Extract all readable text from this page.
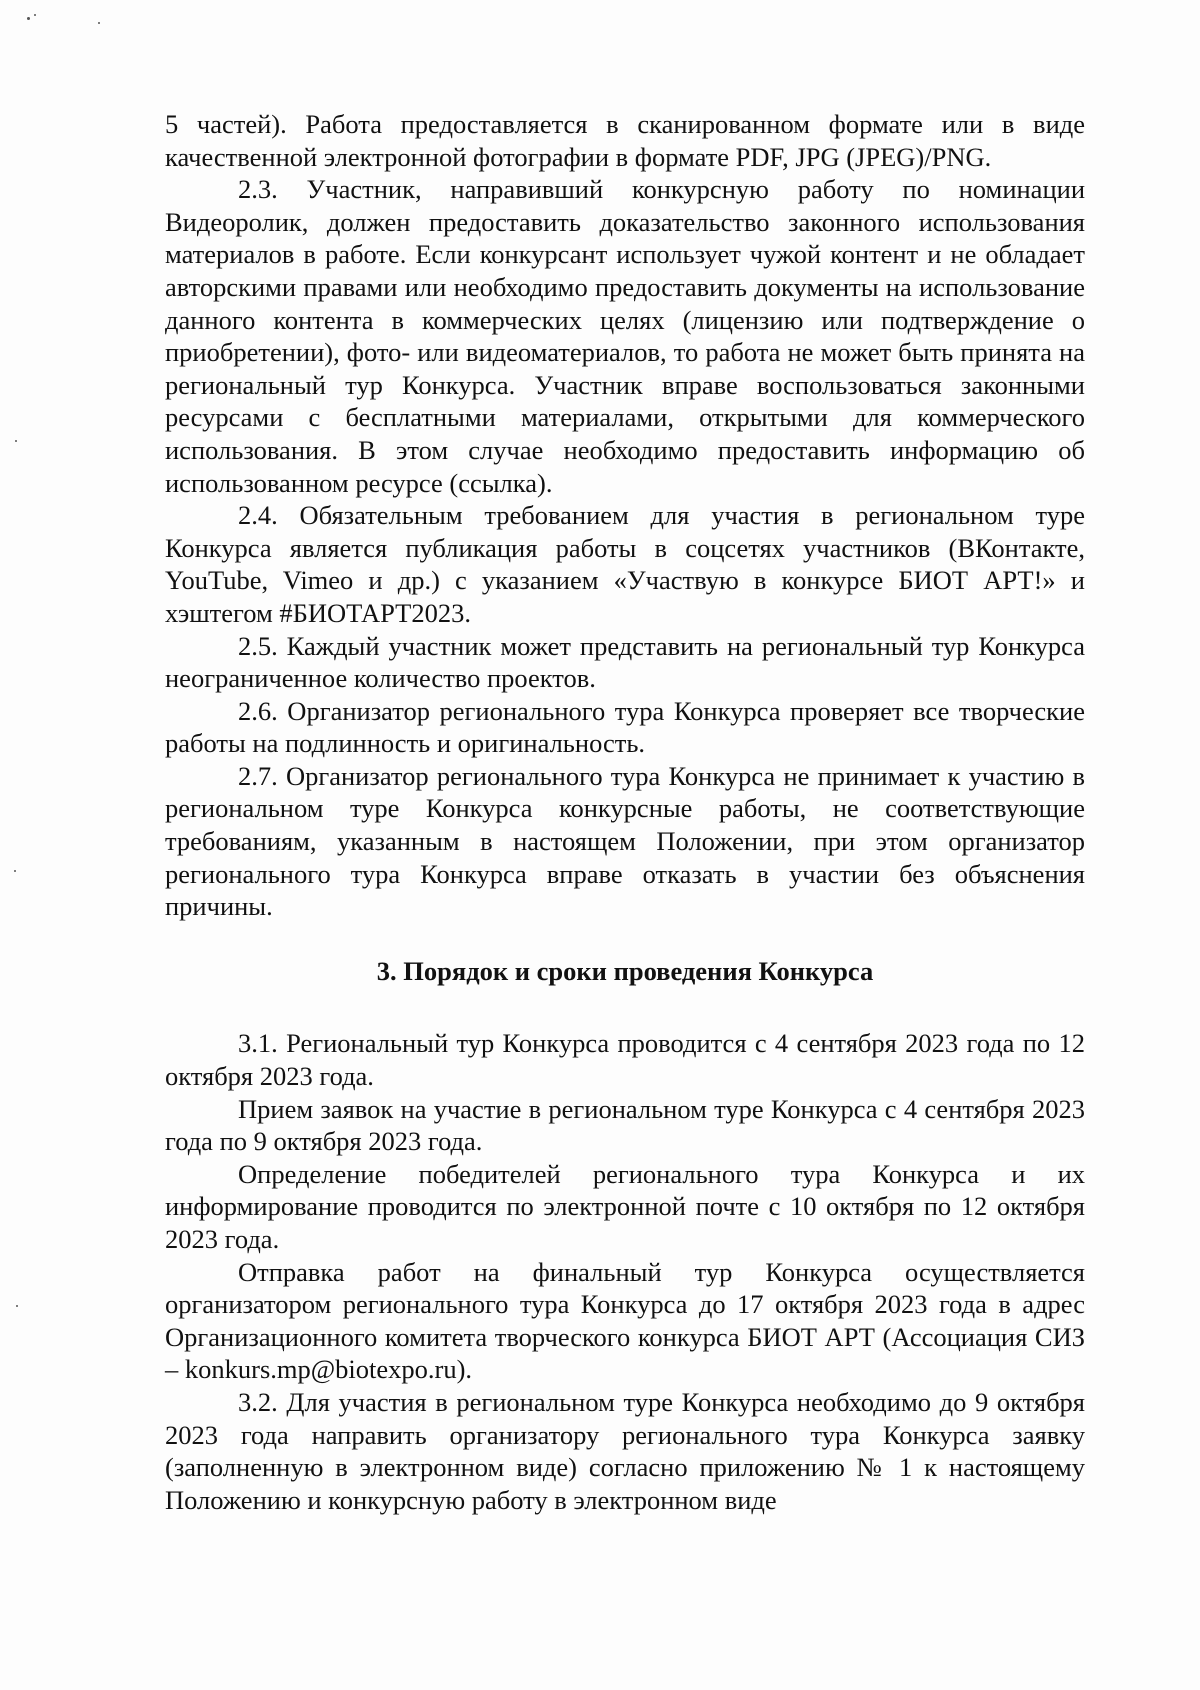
5 частей). Работа предоставляется в сканированном формате или в виде качественной электронной фотографии в формате PDF, JPG (JPEG)/PNG.

2.3. Участник, направивший конкурсную работу по номинации Видеоролик, должен предоставить доказательство законного использования материалов в работе. Если конкурсант использует чужой контент и не обладает авторскими правами или необходимо предоставить документы на использование данного контента в коммерческих целях (лицензию или подтверждение о приобретении), фото- или видеоматериалов, то работа не может быть принята на региональный тур Конкурса. Участник вправе воспользоваться законными ресурсами с бесплатными материалами, открытыми для коммерческого использования. В этом случае необходимо предоставить информацию об использованном ресурсе (ссылка).

2.4. Обязательным требованием для участия в региональном туре Конкурса является публикация работы в соцсетях участников (ВКонтакте, YouTube, Vimeo и др.) с указанием «Участвую в конкурсе БИОТ АРТ!» и хэштегом #БИОТАРТ2023.

2.5. Каждый участник может представить на региональный тур Конкурса неограниченное количество проектов.

2.6. Организатор регионального тура Конкурса проверяет все творческие работы на подлинность и оригинальность.

2.7. Организатор регионального тура Конкурса не принимает к участию в региональном туре Конкурса конкурсные работы, не соответствующие требованиям, указанным в настоящем Положении, при этом организатор регионального тура Конкурса вправе отказать в участии без объяснения причины.

3. Порядок и сроки проведения Конкурса

3.1. Региональный тур Конкурса проводится с 4 сентября 2023 года по 12 октября 2023 года.

Прием заявок на участие в региональном туре Конкурса с 4 сентября 2023 года по 9 октября 2023 года.

Определение победителей регионального тура Конкурса и их информирование проводится по электронной почте с 10 октября по 12 октября 2023 года.

Отправка работ на финальный тур Конкурса осуществляется организатором регионального тура Конкурса до 17 октября 2023 года в адрес Организационного комитета творческого конкурса БИОТ АРТ (Ассоциация СИЗ – konkurs.mp@biotexpo.ru).

3.2. Для участия в региональном туре Конкурса необходимо до 9 октября 2023 года направить организатору регионального тура Конкурса заявку (заполненную в электронном виде) согласно приложению № 1 к настоящему Положению и конкурсную работу в электронном виде
